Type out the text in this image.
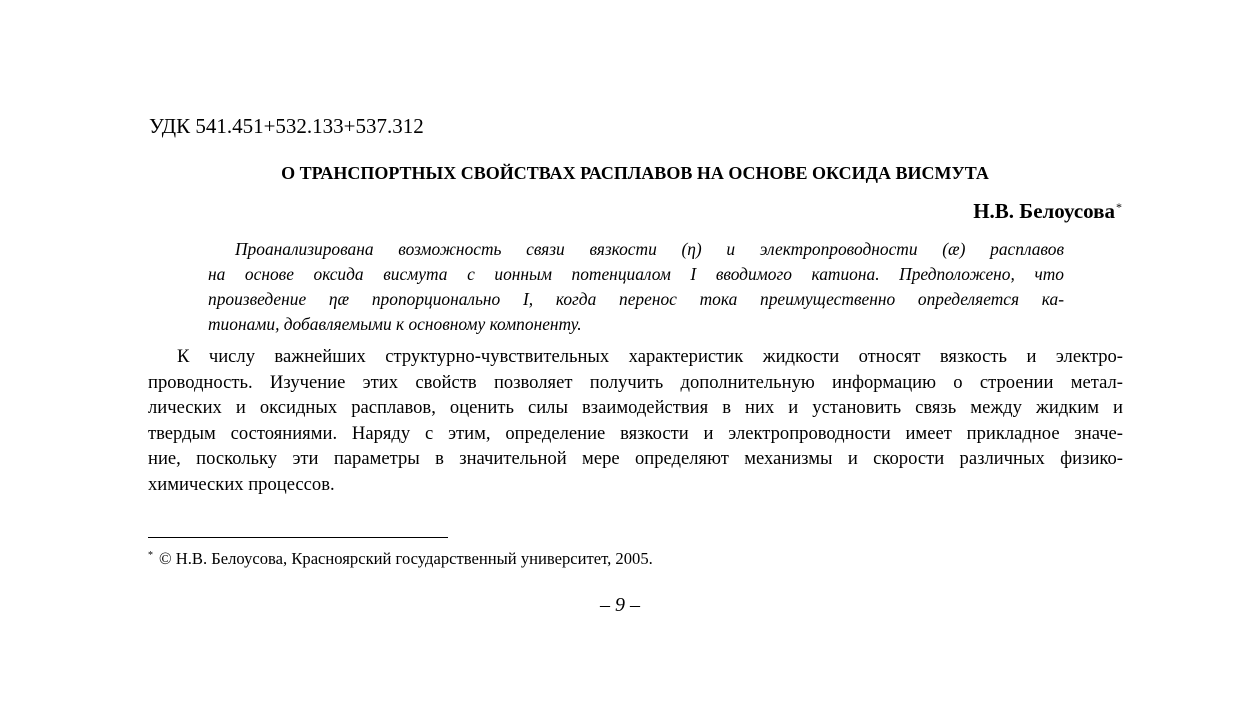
УДК 541.451+532.133+537.312
О ТРАНСПОРТНЫХ СВОЙСТВАХ РАСПЛАВОВ НА ОСНОВЕ ОКСИДА ВИСМУТА
Н.В. Белоусова*
Проанализирована возможность связи вязкости (η) и электропроводности (æ) расплавов
на основе оксида висмута с ионным потенциалом I вводимого катиона. Предположено, что
произведение ηæ пропорционально I, когда перенос тока преимущественно определяется ка-
тионами, добавляемыми к основному компоненту.
К числу важнейших структурно-чувствительных характеристик жидкости относят вязкость и электро-
проводность. Изучение этих свойств позволяет получить дополнительную информацию о строении метал-
лических и оксидных расплавов, оценить силы взаимодействия в них и установить связь между жидким и
твердым состояниями. Наряду с этим, определение вязкости и электропроводности имеет прикладное значе-
ние, поскольку эти параметры в значительной мере определяют механизмы и скорости различных физико-
химических процессов.
* © Н.В. Белоусова, Красноярский государственный университет, 2005.
– 9 –
